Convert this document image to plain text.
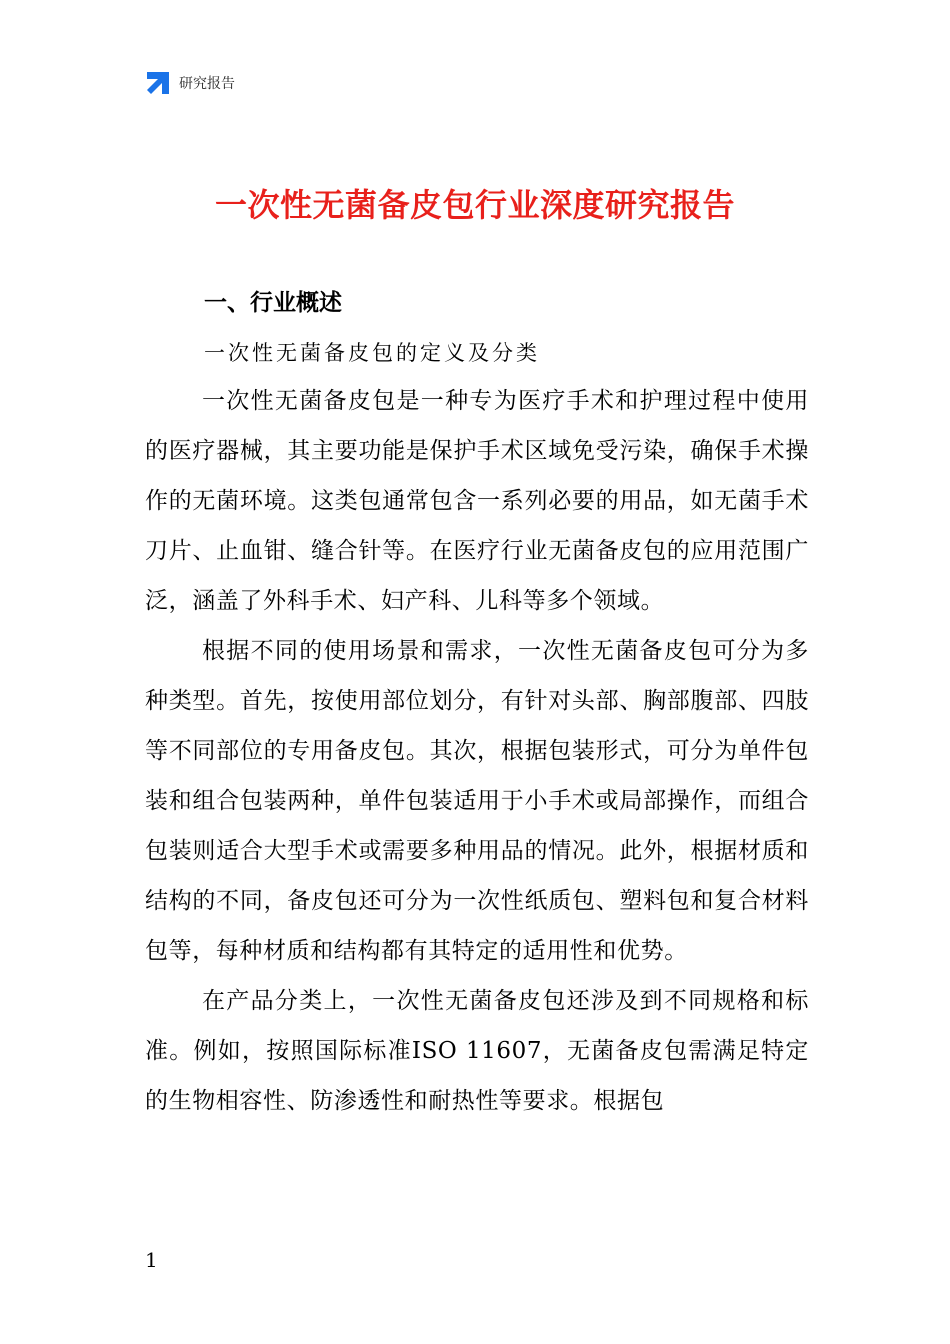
研究报告
一次性无菌备皮包行业深度研究报告
一、行业概述
一次性无菌备皮包的定义及分类

一次性无菌备皮包是一种专为医疗手术和护理过程中使用的医疗器械，其主要功能是保护手术区域免受污染，确保手术操作的无菌环境。这类包通常包含一系列必要的用品，如无菌手术刀片、止血钳、缝合针等。在医疗行业无菌备皮包的应用范围广泛，涵盖了外科手术、妇产科、儿科等多个领域。

根据不同的使用场景和需求，一次性无菌备皮包可分为多种类型。首先，按使用部位划分，有针对头部、胸部腹部、四肢等不同部位的专用备皮包。其次，根据包装形式，可分为单件包装和组合包装两种，单件包装适用于小手术或局部操作，而组合包装则适合大型手术或需要多种用品的情况。此外，根据材质和结构的不同，备皮包还可分为一次性纸质包、塑料包和复合材料包等，每种材质和结构都有其特定的适用性和优势。

在产品分类上，一次性无菌备皮包还涉及到不同规格和标准。例如，按照国际标准ISO 11607，无菌备皮包需满足特定的生物相容性、防渗透性和耐热性等要求。根据包

1
